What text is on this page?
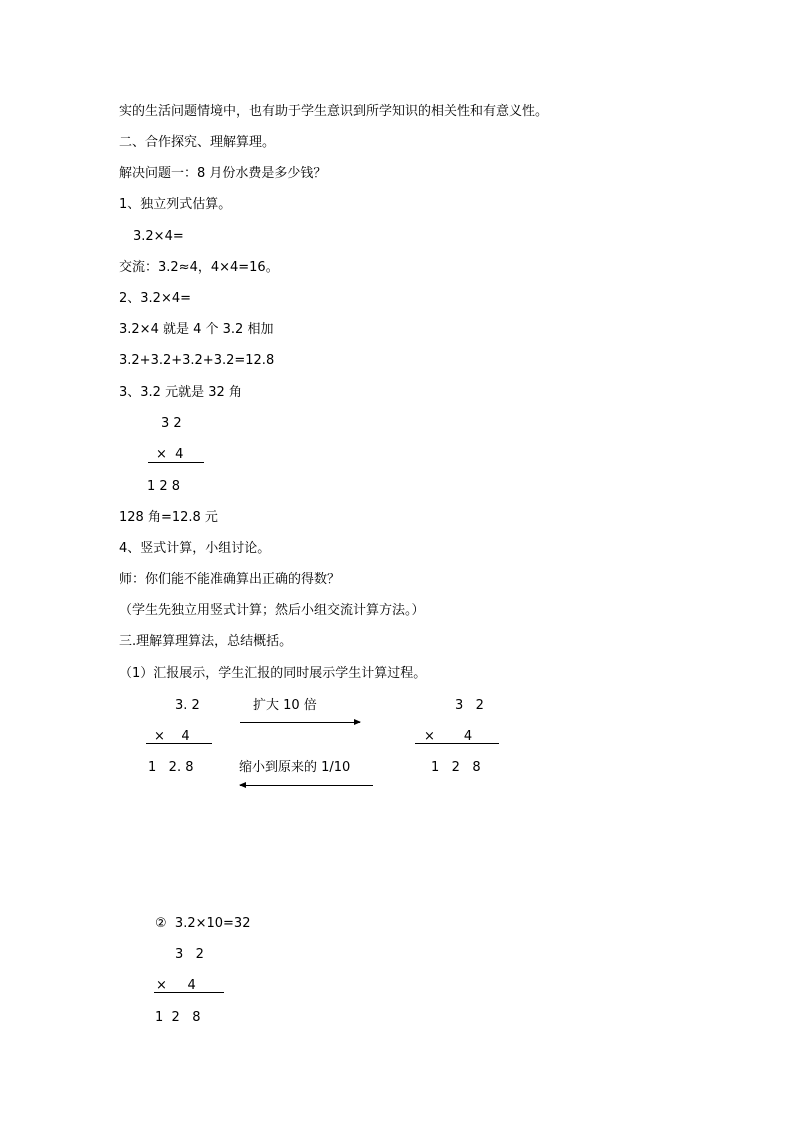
实的生活问题情境中，也有助于学生意识到所学知识的相关性和有意义性。
二、合作探究、理解算理。
解决问题一：8 月份水费是多少钱？
1、独立列式估算。
3.2×4=
交流：3.2≈4，4×4=16。
2、3.2×4=
3.2×4 就是 4 个 3.2 相加
3.2+3.2+3.2+3.2=12.8
3、3.2 元就是 32 角
3 2
×  4
1 2 8
128 角=12.8 元
4、竖式计算，小组讨论。
师：你们能不能准确算出正确的得数？
（学生先独立用竖式计算；然后小组交流计算方法。）
三.理解算理算法，总结概括。
（1）汇报展示，学生汇报的同时展示学生计算过程。
3. 2
×    4
1   2. 8
扩大 10 倍
缩小到原来的 1/10
3   2
×       4
1   2   8
②  3.2×10=32
3   2
×     4
1  2   8
